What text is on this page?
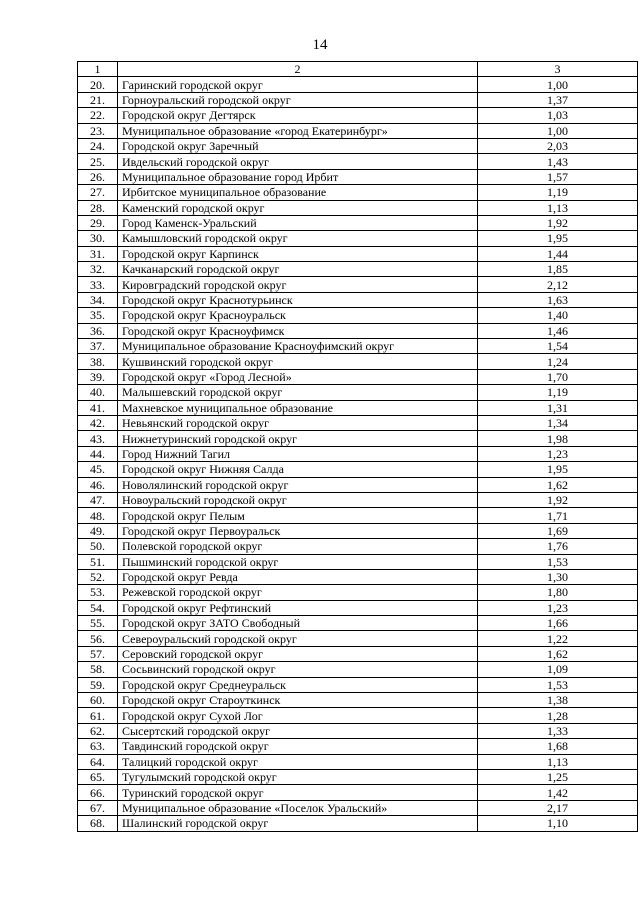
14
1	2	3
20.	Гаринский городской округ	1,00
21.	Горноуральский городской округ	1,37
22.	Городской округ Дегтярск	1,03
23.	Муниципальное образование «город Екатеринбург»	1,00
24.	Городской округ Заречный	2,03
25.	Ивдельский городской округ	1,43
26.	Муниципальное образование город Ирбит	1,57
27.	Ирбитское муниципальное образование	1,19
28.	Каменский городской округ	1,13
29.	Город Каменск-Уральский	1,92
30.	Камышловский городской округ	1,95
31.	Городской округ Карпинск	1,44
32.	Качканарский городской округ	1,85
33.	Кировградский городской округ	2,12
34.	Городской округ Краснотурьинск	1,63
35.	Городской округ Красноуральск	1,40
36.	Городской округ Красноуфимск	1,46
37.	Муниципальное образование Красноуфимский округ	1,54
38.	Кушвинский городской округ	1,24
39.	Городской округ «Город Лесной»	1,70
40.	Малышевский городской округ	1,19
41.	Махневское муниципальное образование	1,31
42.	Невьянский городской округ	1,34
43.	Нижнетуринский городской округ	1,98
44.	Город Нижний Тагил	1,23
45.	Городской округ Нижняя Салда	1,95
46.	Новолялинский городской округ	1,62
47.	Новоуральский городской округ	1,92
48.	Городской округ Пелым	1,71
49.	Городской округ Первоуральск	1,69
50.	Полевской городской округ	1,76
51.	Пышминский городской округ	1,53
52.	Городской округ Ревда	1,30
53.	Режевской городской округ	1,80
54.	Городской округ Рефтинский	1,23
55.	Городской округ ЗАТО Свободный	1,66
56.	Североуральский городской округ	1,22
57.	Серовский городской округ	1,62
58.	Сосьвинский городской округ	1,09
59.	Городской округ Среднеуральск	1,53
60.	Городской округ Староуткинск	1,38
61.	Городской округ Сухой Лог	1,28
62.	Сысертский городской округ	1,33
63.	Тавдинский городской округ	1,68
64.	Талицкий городской округ	1,13
65.	Тугулымский городской округ	1,25
66.	Туринский городской округ	1,42
67.	Муниципальное образование «Поселок Уральский»	2,17
68.	Шалинский городской округ	1,10
